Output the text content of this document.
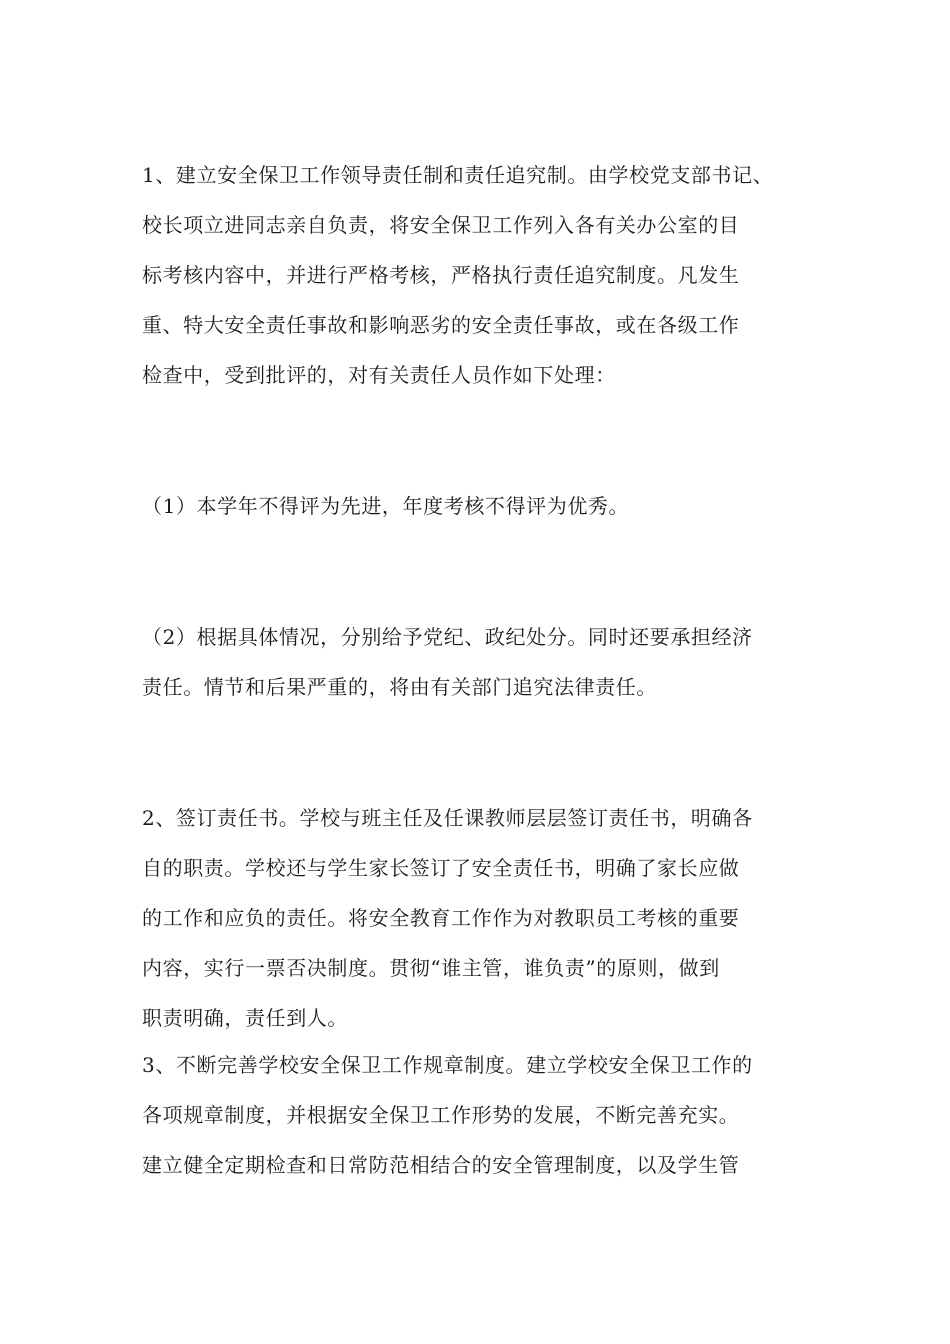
1、建立安全保卫工作领导责任制和责任追究制。由学校党支部书记、
校长项立进同志亲自负责，将安全保卫工作列入各有关办公室的目
标考核内容中，并进行严格考核，严格执行责任追究制度。凡发生
重、特大安全责任事故和影响恶劣的安全责任事故，或在各级工作
检查中，受到批评的，对有关责任人员作如下处理：
（1）本学年不得评为先进，年度考核不得评为优秀。
（2）根据具体情况，分别给予党纪、政纪处分。同时还要承担经济
责任。情节和后果严重的，将由有关部门追究法律责任。
2、签订责任书。学校与班主任及任课教师层层签订责任书，明确各
自的职责。学校还与学生家长签订了安全责任书，明确了家长应做
的工作和应负的责任。将安全教育工作作为对教职员工考核的重要
内容，实行一票否决制度。贯彻“谁主管，谁负责”的原则，做到
职责明确，责任到人。
3、不断完善学校安全保卫工作规章制度。建立学校安全保卫工作的
各项规章制度，并根据安全保卫工作形势的发展，不断完善充实。
建立健全定期检查和日常防范相结合的安全管理制度，以及学生管
